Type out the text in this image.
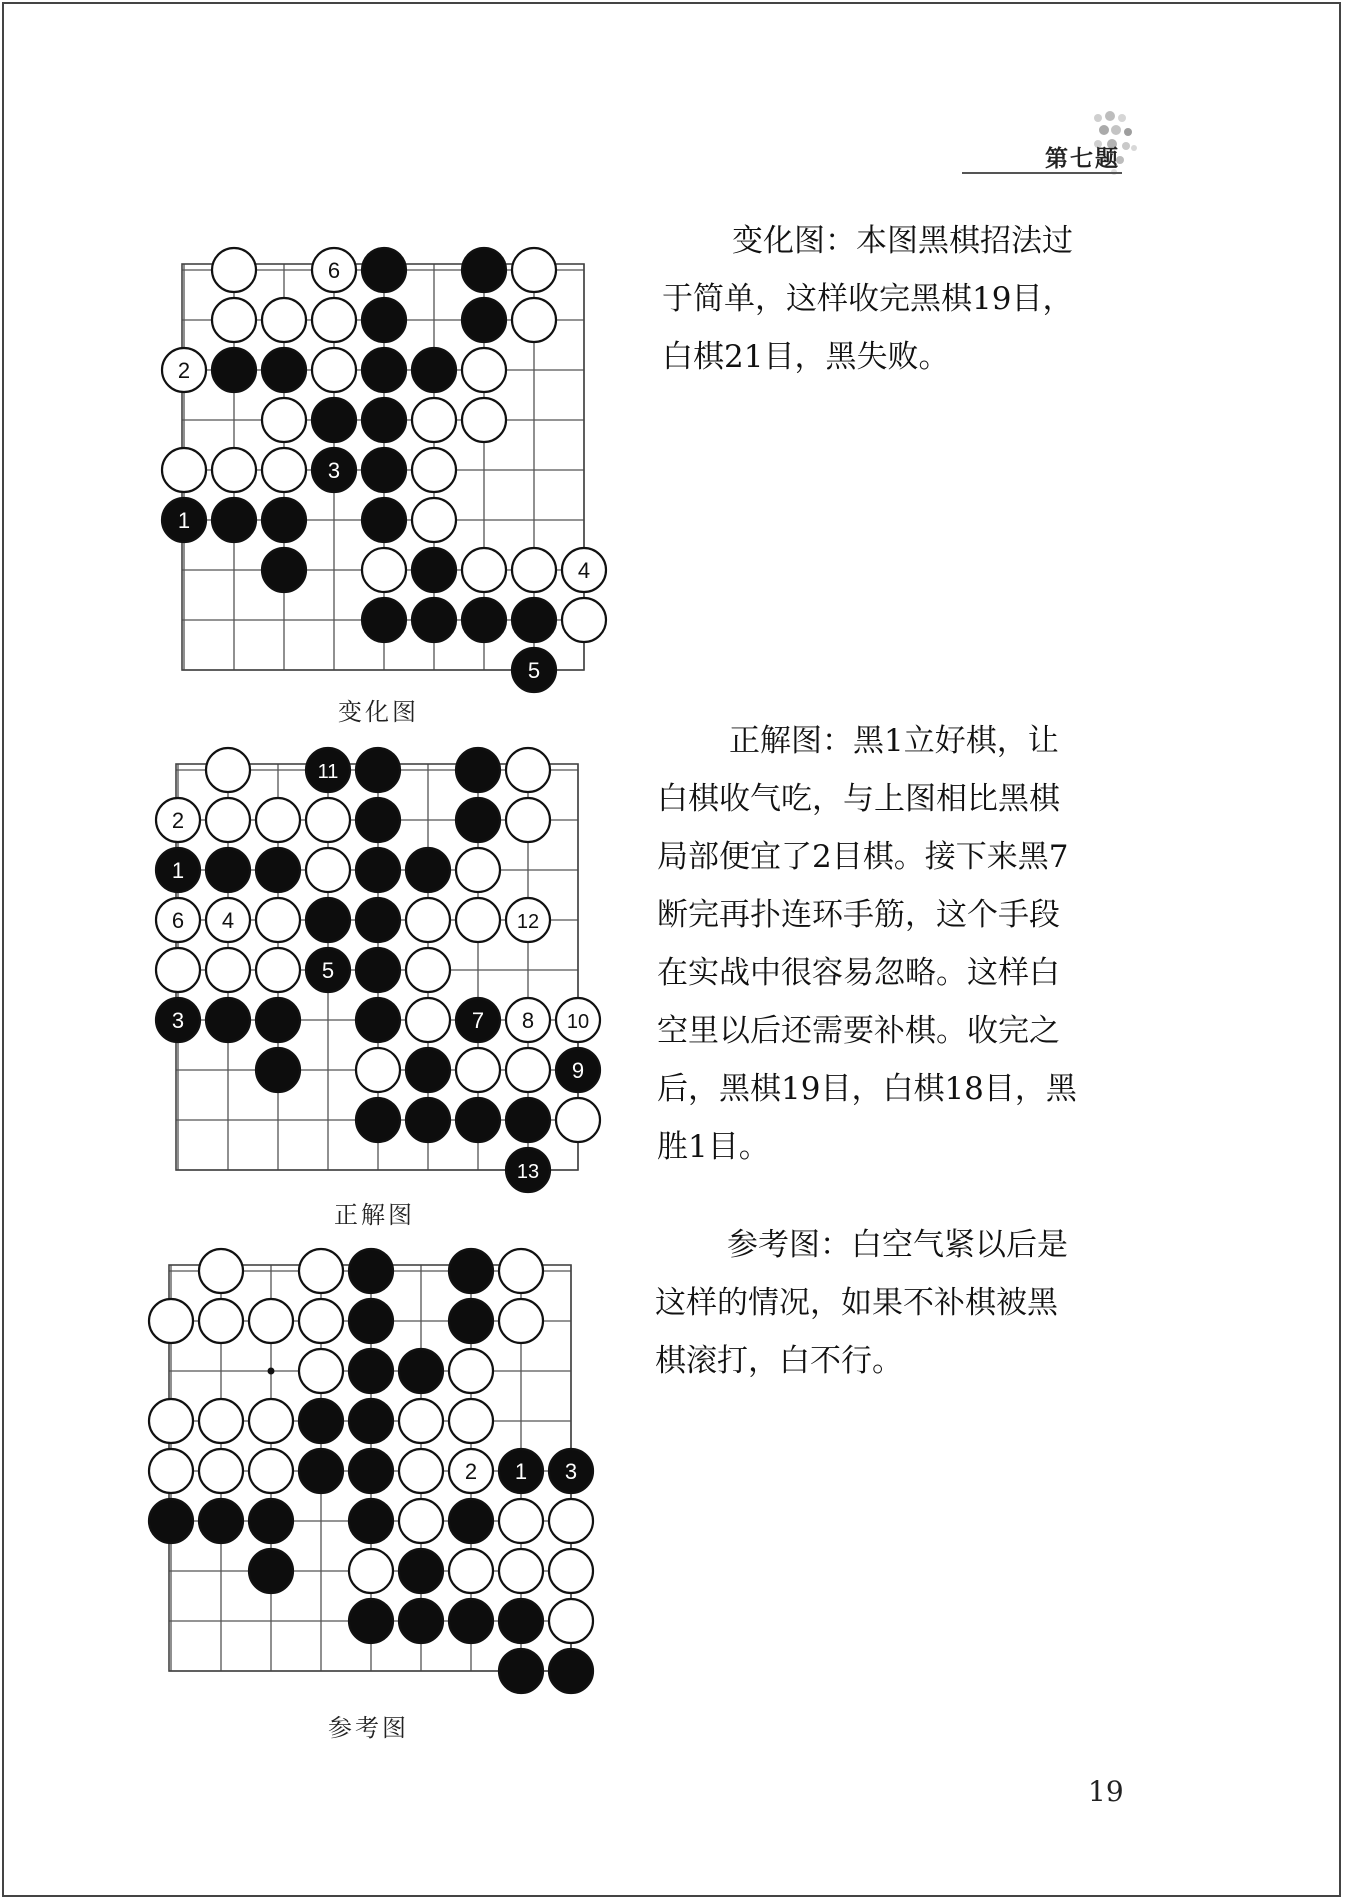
第七题
6
2
3
1
4
5
变化图
11
2
1
6 4	12
5
3	7 8 10
9
13
正解图
2 1 3
参考图

变化图：本图黑棋招法过
于简单，这样收完黑棋19目，
白棋21目，黑失败。

正解图：黑1立好棋，让
白棋收气吃，与上图相比黑棋
局部便宜了2目棋。接下来黑7
断完再扑连环手筋，这个手段
在实战中很容易忽略。这样白
空里以后还需要补棋。收完之
后，黑棋19目，白棋18目，黑
胜1目。

参考图：白空气紧以后是
这样的情况，如果不补棋被黑
棋滚打，白不行。

19
